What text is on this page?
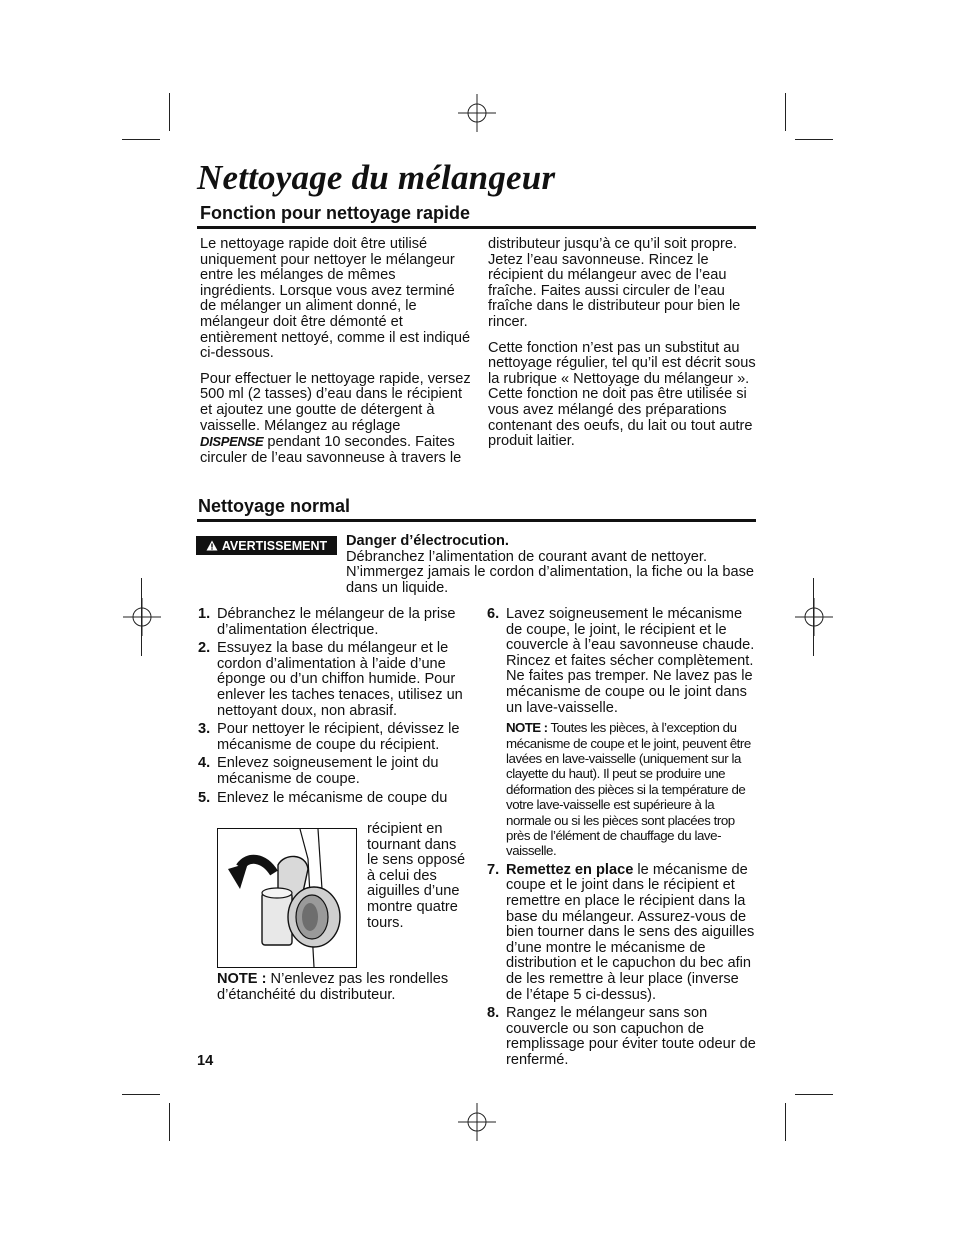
Nettoyage du mélangeur
Fonction pour nettoyage rapide

Le nettoyage rapide doit être utilisé uniquement pour nettoyer le mélangeur entre les mélanges de mêmes ingrédients. Lorsque vous avez terminé de mélanger un aliment donné, le mélangeur doit être démonté et entièrement nettoyé, comme il est indiqué ci-dessous.

Pour effectuer le nettoyage rapide, versez 500 ml (2 tasses) d’eau dans le récipient et ajoutez une goutte de détergent à vaisselle. Mélangez au réglage
DISPENSE pendant 10 secondes. Faites circuler de l’eau savonneuse à travers le

distributeur jusqu’à ce qu’il soit propre. Jetez l’eau savonneuse. Rincez le récipient du mélangeur avec de l’eau fraîche. Faites aussi circuler de l’eau fraîche dans le distributeur pour bien le rincer.

Cette fonction n’est pas un substitut au nettoyage régulier, tel qu’il est décrit sous la rubrique « Nettoyage du mélangeur ». Cette fonction ne doit pas être utilisée si vous avez mélangé des préparations contenant des oeufs, du lait ou tout autre produit laitier.

Nettoyage normal
AVERTISSEMENT Danger d’électrocution.
Débranchez l’alimentation de courant avant de nettoyer. N’immergez jamais le cordon d’alimentation, la fiche ou la base dans un liquide.
1. Débranchez le mélangeur de la prise d’alimentation électrique.
2. Essuyez la base du mélangeur et le cordon d’alimentation à l’aide d’une éponge ou d’un chiffon humide. Pour enlever les taches tenaces, utilisez un nettoyant doux, non abrasif.
3. Pour nettoyer le récipient, dévissez le mécanisme de coupe du récipient.
4. Enlevez soigneusement le joint du mécanisme de coupe.
5. Enlevez le mécanisme de coupe du
récipient en tournant dans le sens opposé à celui des aiguilles d’une montre quatre tours.
NOTE : N’enlevez pas les rondelles d’étanchéité du distributeur.
14
6. Lavez soigneusement le mécanisme de coupe, le joint, le récipient et le couvercle à l’eau savonneuse chaude. Rincez et faites sécher complètement. Ne faites pas tremper. Ne lavez pas le mécanisme de coupe ou le joint dans un lave-vaisselle.

NOTE : Toutes les pièces, à l’exception du mécanisme de coupe et le joint, peuvent être lavées en lave-vaisselle (uniquement sur la clayette du haut). Il peut se produire une déformation des pièces si la température de votre lave-vaisselle est supérieure à la normale ou si les pièces sont placées trop près de l’élément de chauffage du lave-vaisselle.

7. Remettez en place le mécanisme de coupe et le joint dans le récipient et remettre en place le récipient dans la base du mélangeur. Assurez-vous de bien tourner dans le sens des aiguilles d’une montre le mécanisme de distribution et le capuchon du bec afin de les remettre à leur place (inverse de l’étape 5 ci-dessus).
8. Rangez le mélangeur sans son couvercle ou son capuchon de remplissage pour éviter toute odeur de renfermé.
